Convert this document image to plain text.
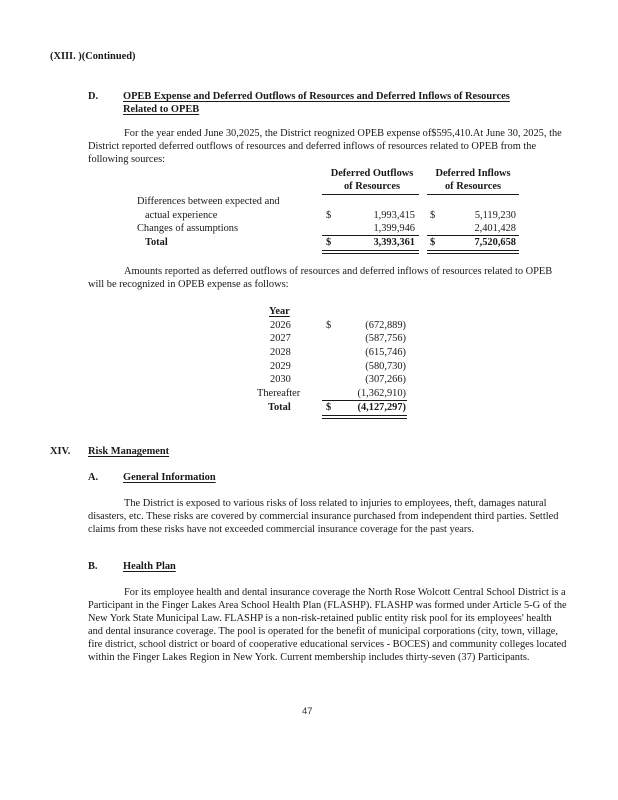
(XIII. )(Continued)
D. OPEB Expense and Deferred Outflows of Resources and Deferred Inflows of Resources
Related to OPEB
For the year ended June 30,2025, the District reognized OPEB expense of$595,410.At June 30, 2025, the District reported deferred outflows of resources and deferred inflows of resources related to OPEB from the following sources:
Deferred Outflows
of Resources
Deferred Inflows
of Resources
Differences between expected and
actual experience	$	1,993,415 $	5,119,230
Changes of assumptions	1,399,946	2,401,428
Total	$	3,393,361 $	7,520,658
Amounts reported as deferred outflows of resources and deferred inflows of resources related to OPEB will be recognized in OPEB expense as follows:
Year
2026	$	(672,889)
2027	(587,756)
2028	(615,746)
2029	(580,730)
2030	(307,266)
Thereafter	(1,362,910)
Total	$	(4,127,297)
XIV. Risk Management
A. General Information
The District is exposed to various risks of loss related to injuries to employees, theft, damages natural disasters, etc. These risks are covered by commercial insurance purchased from independent third parties. Settled claims from these risks have not exceeded commercial insurance coverage for the past years.
B. Health Plan
For its employee health and dental insurance coverage the North Rose Wolcott Central School District is a Participant in the Finger Lakes Area School Health Plan (FLASHP). FLASHP was formed under Article 5-G of the New York State Municipal Law. FLASHP is a non-risk-retained public entity risk pool for its employees' health and dental insurance coverage. The pool is operated for the benefit of municipal corporations (city, town, village, fire district, school district or board of cooperative educational services - BOCES) and community colleges located within the Finger Lakes Region in New York. Current membership includes thirty-seven (37) Participants.
47
